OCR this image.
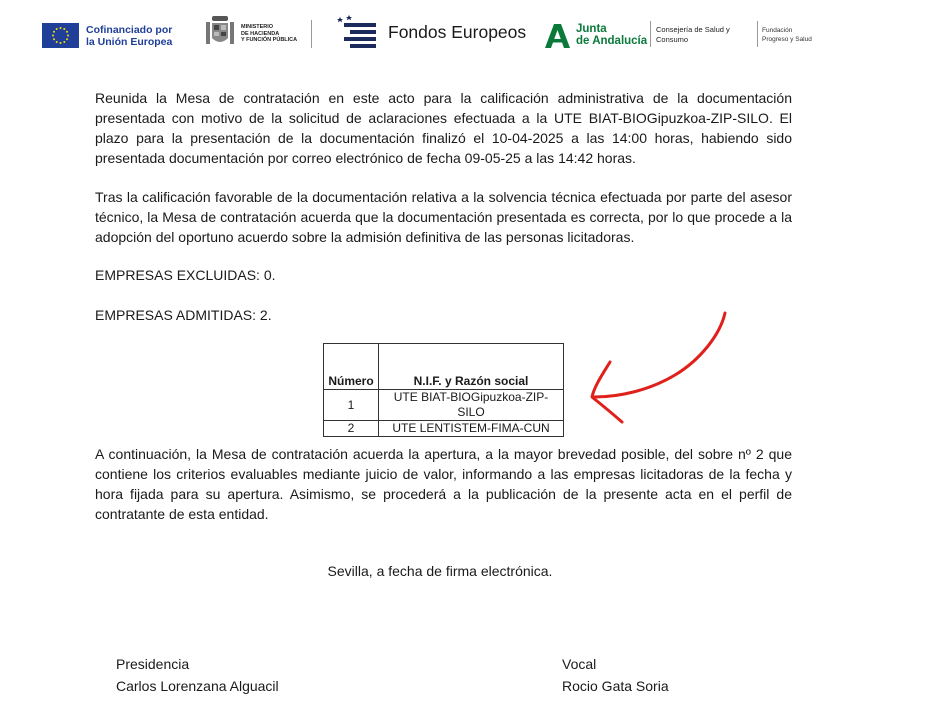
Cofinanciado por
la Unión Europea
MINISTERIO
DE HACIENDA
Y FUNCIÓN PÚBLICA	Fondos Europeos	Junta
de Andalucía
Consejería de Salud y
Consumo
Fundación
Progreso y Salud

Reunida la Mesa de contratación en este acto para la calificación administrativa de la documentación presentada con motivo de la solicitud de aclaraciones efectuada a la UTE BIAT-BIOGipuzkoa-ZIP-SILO. El plazo para la presentación de la documentación finalizó el 10-04-2025 a las 14:00 horas, habiendo sido presentada documentación por correo electrónico de fecha 09-05-25 a las 14:42 horas.

Tras la calificación favorable de la documentación relativa a la solvencia técnica efectuada por parte del asesor técnico, la Mesa de contratación acuerda que la documentación presentada es correcta, por lo que procede a la adopción del oportuno acuerdo sobre la admisión definitiva de las personas licitadoras.

EMPRESAS EXCLUIDAS: 0.

EMPRESAS ADMITIDAS: 2.

Número	N.I.F. y Razón social
1	UTE BIAT-BIOGipuzkoa-ZIP-SILO
2	UTE LENTISTEM-FIMA-CUN

A continuación, la Mesa de contratación acuerda la apertura, a la mayor brevedad posible, del sobre nº 2 que contiene los criterios evaluables mediante juicio de valor, informando a las empresas licitadoras de la fecha y hora fijada para su apertura. Asimismo, se procederá a la publicación de la presente acta en el perfil de contratante de esta entidad.

Sevilla, a fecha de firma electrónica.
Presidencia
Carlos Lorenzana Alguacil
Vocal
Rocio Gata Soria
